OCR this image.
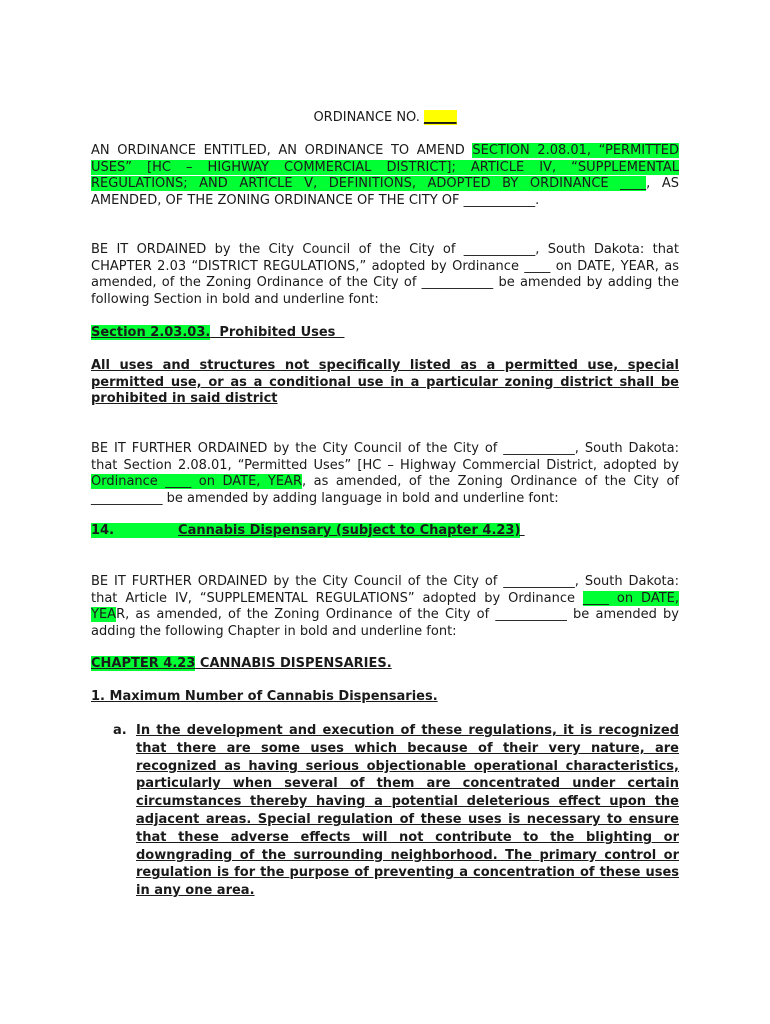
ORDINANCE NO. _____
AN ORDINANCE ENTITLED, AN ORDINANCE TO AMEND SECTION 2.08.01, “PERMITTED USES” [HC – HIGHWAY COMMERCIAL DISTRICT]; ARTICLE IV, “SUPPLEMENTAL REGULATIONS; AND ARTICLE V, DEFINITIONS, ADOPTED BY ORDINANCE ____, AS AMENDED, OF THE ZONING ORDINANCE OF THE CITY OF ___________.
BE IT ORDAINED by the City Council of the City of ___________, South Dakota: that CHAPTER 2.03 “DISTRICT REGULATIONS,” adopted by Ordinance ____ on DATE, YEAR, as amended, of the Zoning Ordinance of the City of ___________ be amended by adding the following Section in bold and underline font:
Section 2.03.03.  Prohibited Uses
All uses and structures not specifically listed as a permitted use, special permitted use, or as a conditional use in a particular zoning district shall be prohibited in said district
BE IT FURTHER ORDAINED by the City Council of the City of ___________, South Dakota: that Section 2.08.01, “Permitted Uses” [HC – Highway Commercial District, adopted by Ordinance ____ on DATE, YEAR, as amended, of the Zoning Ordinance of the City of ___________ be amended by adding language in bold and underline font:
14.	Cannabis Dispensary (subject to Chapter 4.23)
BE IT FURTHER ORDAINED by the City Council of the City of ___________, South Dakota: that Article IV, “SUPPLEMENTAL REGULATIONS” adopted by Ordinance ____ on DATE, YEAR, as amended, of the Zoning Ordinance of the City of ___________ be amended by adding the following Chapter in bold and underline font:
CHAPTER 4.23 CANNABIS DISPENSARIES.
1. Maximum Number of Cannabis Dispensaries.
a. In the development and execution of these regulations, it is recognized that there are some uses which because of their very nature, are recognized as having serious objectionable operational characteristics, particularly when several of them are concentrated under certain circumstances thereby having a potential deleterious effect upon the adjacent areas. Special regulation of these uses is necessary to ensure that these adverse effects will not contribute to the blighting or downgrading of the surrounding neighborhood. The primary control or regulation is for the purpose of preventing a concentration of these uses in any one area.
